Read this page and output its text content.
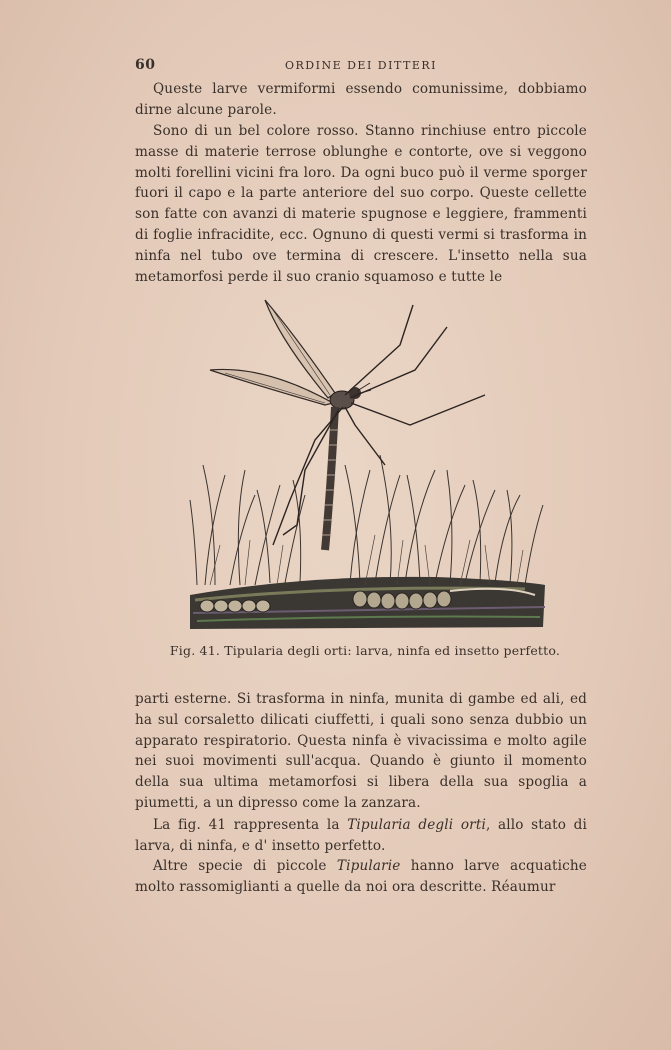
60	ORDINE DEI DITTERI

Queste larve vermiformi essendo comunissime, dobbiamo dirne alcune parole.

Sono di un bel colore rosso. Stanno rinchiuse entro piccole masse di materie terrose oblunghe e contorte, ove si veggono molti forellini vicini fra loro. Da ogni buco può il verme sporger fuori il capo e la parte anteriore del suo corpo. Queste cellette son fatte con avanzi di materie spugnose e leggiere, frammenti di foglie infracidite, ecc. Ognuno di questi vermi si trasforma in ninfa nel tubo ove termina di crescere. L'insetto nella sua metamorfosi perde il suo cranio squamoso e tutte le

Fig. 41. Tipularia degli orti: larva, ninfa ed insetto perfetto.

parti esterne. Si trasforma in ninfa, munita di gambe ed ali, ed ha sul corsaletto dilicati ciuffetti, i quali sono senza dubbio un apparato respiratorio. Questa ninfa è vivacissima e molto agile nei suoi movimenti sull'acqua. Quando è giunto il momento della sua ultima metamorfosi si libera della sua spoglia a piumetti, a un dipresso come la zanzara.

La fig. 41 rappresenta la Tipularia degli orti, allo stato di larva, di ninfa, e d' insetto perfetto.

Altre specie di piccole Tipularie hanno larve acquatiche molto rassomiglianti a quelle da noi ora descritte. Réaumur
